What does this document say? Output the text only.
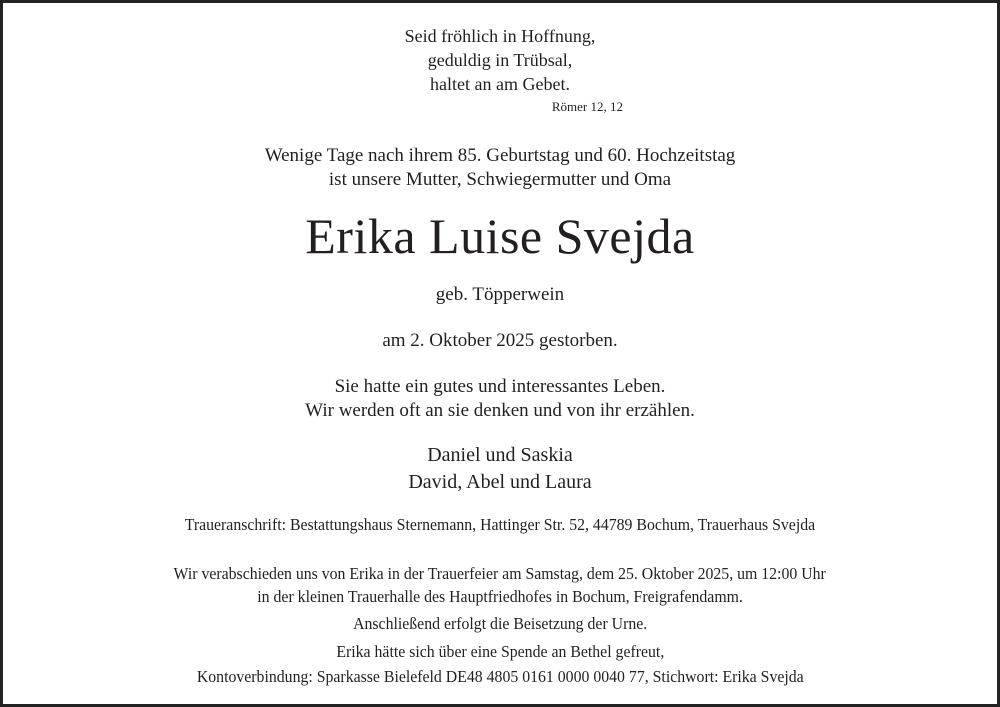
Seid fröhlich in Hoffnung,
geduldig in Trübsal,
haltet an am Gebet.
Römer 12, 12
Wenige Tage nach ihrem 85. Geburtstag und 60. Hochzeitstag
ist unsere Mutter, Schwiegermutter und Oma
Erika Luise Svejda
geb. Töpperwein
am 2. Oktober 2025 gestorben.
Sie hatte ein gutes und interessantes Leben.
Wir werden oft an sie denken und von ihr erzählen.
Daniel und Saskia
David, Abel und Laura
Traueranschrift: Bestattungshaus Sternemann, Hattinger Str. 52, 44789 Bochum, Trauerhaus Svejda
Wir verabschieden uns von Erika in der Trauerfeier am Samstag, dem 25. Oktober 2025, um 12:00 Uhr
in der kleinen Trauerhalle des Hauptfriedhofes in Bochum, Freigrafendamm.
Anschließend erfolgt die Beisetzung der Urne.
Erika hätte sich über eine Spende an Bethel gefreut,
Kontoverbindung: Sparkasse Bielefeld DE48 4805 0161 0000 0040 77, Stichwort: Erika Svejda
